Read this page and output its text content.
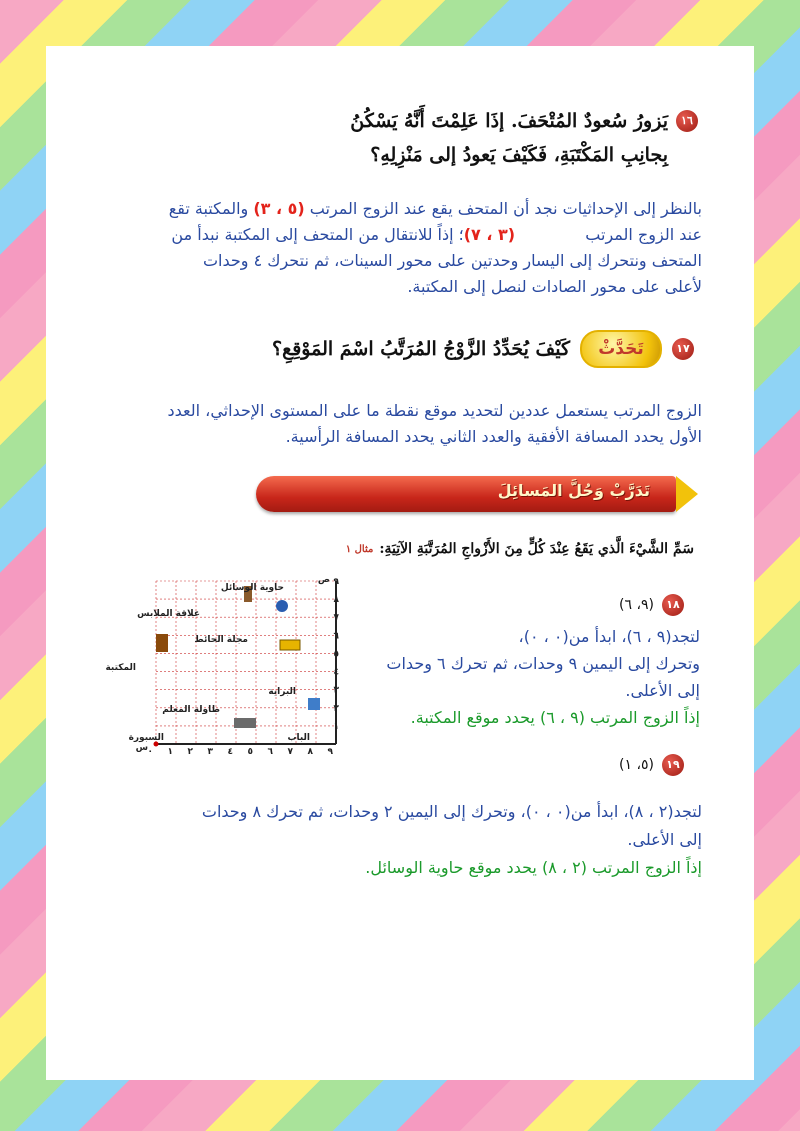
١٦
يَزورُ سُعودٌ المُتْحَفَ. إذَا عَلِمْتَ أَنَّهُ يَسْكُنُ
بِجانِبِ المَكْتَبَةِ، فَكَيْفَ يَعودُ إلى مَنْزِلِهِ؟
بالنظر إلى الإحداثيات نجد أن المتحف يقع عند الزوج المرتب (٥ ، ٣) والمكتبة تقع
عند الزوج المرتب  (٣ ، ٧)؛ إذاً للانتقال من المتحف إلى المكتبة نبدأ من
المتحف ونتحرك إلى اليسار وحدتين على محور السينات، ثم نتحرك ٤ وحدات
لأعلى على محور الصادات لنصل إلى المكتبة.
١٧
تَحَدَّثْ
كَيْفَ يُحَدِّدُ الزَّوْجُ المُرَتَّبُ اسْمَ المَوْقِعِ؟
الزوج المرتب يستعمل عددين لتحديد موقع نقطة ما على المستوى الإحداثي، العدد
الأول يحدد المسافة الأفقية والعدد الثاني يحدد المسافة الرأسية.
تَدَرَّبْ وَحُلَّ المَسائِلَ
سَمِّ الشَّيْءَ الَّذي يَقَعُ عِنْدَ كُلٍّ مِنَ الأَزْواجِ المُرَتَّبَةِ الآتِيَةِ:
مثال ١
٠ ١ ٢ ٣ ٤ ٥ ٦ ٧ ٨ ٩
١
٢
٣
٤
٥
٦
٧
٨
٩
س
ص
علاقة الملابس
حاوية الوسائل
مجلة الحائط
المكتبة
البراية
طاولة المعلم
الباب
السبورة
١٨
(٩، ٦)
لتجد(٩ ، ٦)، ابدأ من(٠ ، ٠)،
وتحرك إلى اليمين ٩ وحدات، ثم تحرك ٦ وحدات
إلى الأعلى.
إذاً الزوج المرتب (٩ ، ٦) يحدد موقع المكتبة.
١٩
(٥، ١)
لتجد(٢ ، ٨)، ابدأ من(٠ ، ٠)، وتحرك إلى اليمين ٢ وحدات، ثم تحرك ٨ وحدات
إلى الأعلى.
إذاً الزوج المرتب (٢ ، ٨) يحدد موقع حاوية الوسائل.
